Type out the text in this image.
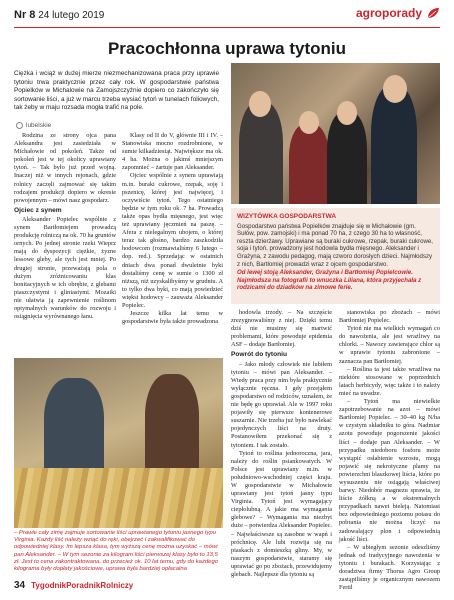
Nr 8 24 lutego 2019	agroporady
Pracochłonna uprawa tytoniu

Ciężka i wciąż w dużej mierze niezmechanizowana praca przy uprawie tytoniu trwa praktycznie przez cały rok. W gospodarstwie państwa Popielków w Michalowie na Zamojszczyźnie dopiero co zakończyło się sortowanie liści, a już w marcu trzeba wysiać tytoń w tunelach foliowych, tak żeby w maju rozsada mogła trafić na pole.

lubelskie

Rodzina ze strony ojca pana Aleksandra jest zasiedziała w Michałowie od pokoleń. Także od pokoleń jest w tej okolicy uprawiany tytoń. – Tak było już przed wojną. Inaczej niż w innych rejonach, gdzie rolnicy zaczęli zajmować się takim rodzajem produkcji dopiero w okresie powojennym – mówi nasz gospodarz.

Ojciec z synem

Aleksander Popielec wspólnie z synem Bartłomiejem prowadzą produkcję rolniczą na ok. 70 ha gruntów ornych. Po jednej stronie rzeki Wieprz mają do dyspozycji ciężkie, żyzne lessowe gleby, ale tych jest mniej. Po drugiej stronie, przeważają pola o dużym zróżnicowaniu klas bonitacyjnych w ich obrębie, z glebami piaszczystymi i gliniastymi. Mozaiki nie ułatwia ją zapewnienie roślinom optymalnych warunków do rozwoju i osiągnięcia wyrównanego łanu.

Klasy od II do V, głównie III i IV. – Stanowiska mocno rozdrobnione, w sumie kilkadziesiąt. Największe ma ok. 4 ha. Można o jakimś mniejszym zapomnieć – żartuje pan Aleksander.

Ojciec wspólnie z synem uprawiają m.in. buraki cukrowe, rzepak, soję i pszenicę, której jest najwięcej, i oczywiście tytoń. Tego ostatniego będzie w tym roku ok. 7 ha. Prowadzą także opas bydła mięsnego, jest więc też uprawiany jęczmień na paszę. – Afera z nielegalnym ubojem, o której teraz tak głośno, bardzo zaszkodziła hodowcom (rozmawialiśmy 6 lutego – dop. red.). Sprzedając w ostatnich dniach dwa ponad dwuletnie byki dostaliśmy cenę w sumie o 1300 zł niższą, niż uzyskalibyśmy w grudniu. A to tylko dwa byki, co mają powiedzieć więksi hodowcy – zauważa Aleksander Popielec.

Jeszcze kilka lat temu w gospodarstwie była także prowadzona

WIZYTÓWKA GOSPODARSTWA
Gospodarstwo państwa Popielków znajduje się w Michałowie (gm. Sułów, pow. zamojski) i ma ponad 70 ha, z czego 30 ha to własność, reszta dzierżawy. Uprawiane są buraki cukrowe, rzepak, buraki cukrowe, soja i tytoń, prowadzony jest hodowla bydła mięsnego. Aleksander i Grażyna, z zawodu pedagog, mają czworo dorosłych dzieci. Najmłodszy z nich, Bartłomiej prowadzi wraz z ojcem gospodarstwo.
Od lewej stoją Aleksander, Grażyna i Bartłomiej Popielcowie. Najmłodsza na fotografii to wnuczka Liliana, która przyjechała z rodzicami do dziadków na zimowe ferie.

hodowla trzody. – Na szczęście zrezygnowaliśmy z niej. Dzięki temu dziś nie musimy się martwić problemami, które powoduje epidemia ASF – dodaje Bartłomiej.

Powrót do tytoniu

– Jako młody człowiek nie lubiłem tytoniu – mówi pan Aleksander. – Wtedy praca przy nim była praktycznie wyłącznie ręczna. I gdy przejąłem gospodarstwo od rodziców, uznałem, że nie będę go uprawiał. Ale w 1997 roku pojawiły się pierwsze kontenerowe suszarnie. Nie trzeba już było nawlekać pojedynczych liści na druty. Postanowiłem przekonać się z tytoniem. I tak zostało.

Tytoń to roślina jednoroczna, jara, należy do roślin psiankowatych. W Polsce jest uprawiany m.in. w południowo-wschodniej części kraju. W gospodarstwie w Michałowie uprawiany jest tytoń jasny typu Virginia. Tytoń jest wymagający ciepłolubną. A jakie ma wymagania glebowe? – Wymagania ma niezbyt duże – potwierdza Aleksander Popielec. – Najwłaściwsze są zasobne w wapń i próchnicę. Ale lubi rozwija się na piaskach z domieszką gliny. My, w naszym gospodarstwie, staramy się uprawiać go po zbożach, przewidujemy glebach. Najlepsze dla tytoniu są

stanowiska po zbożach – mówi Bartłomiej Popielec.

Tytoń nie ma wielkich wymagań co do nawożenia, ale jest wrażliwy na chlorki. – Nawozy zawierające chlor są w uprawie tytoniu zabronione – zaznacza pan Bartłomiej.

– Roślina ta jest także wrażliwa na niektóre stosowane w poprzednich latach herbicydy, więc także i to należy mieć na uwadze.

– Tytoń ma niewielkie zapotrzebowanie na azot – mówi Bartłomiej Popielec. – 30–40 kg N/ha w czystym składniku to góra. Nadmiar azotu powoduje pogorszenie jakości liści – dodaje pan Aleksander. – W przypadku niedoboru fosforu może wystąpić osłabienie wzrostu, mogą pojawić się nekrotyczne plamy na powierzchni blaszkowej liścia, które po wysuszeniu nie osiągają właściwej barwy. Niedobór magnezu sprawia, że liście żółkną a w ekstremalnych przypadkach nawet bieleją. Natomiast bez odpowiedniego poziomu potasu do pobrania nie można liczyć na zadowalający plon i odpowiednią jakość liści.

– W ubiegłym sezonie odeszliśmy jednak od tradycyjnego nawożenia w tytoniu i burakach. Korzystając z doradztwa firmy Thorus Agro Group zastąpiliśmy je organicznym nawozem Fertil

– Prawie cały zimę zajmuje sortowanie liści uprawianego tytoniu jasnego typu Virginia. Każdy liść należy wziąć do ręki, obejrzeć i zakwalifikować do odpowiedniej klasy. Im lepsza klasa, tym wyższą cenę można uzyskać – mówi pan Aleksander. – W tym sezonie za kilogram liści pierwszej klasy było to 13,5 zł. Jest to cena zakontraktowana, do przecież ok. 10 lat temu, gdy do każdego kilograma były dopłaty jakościowe, uprawa była bardziej opłacalna

34 TygodnikPoradnikRolniczy
